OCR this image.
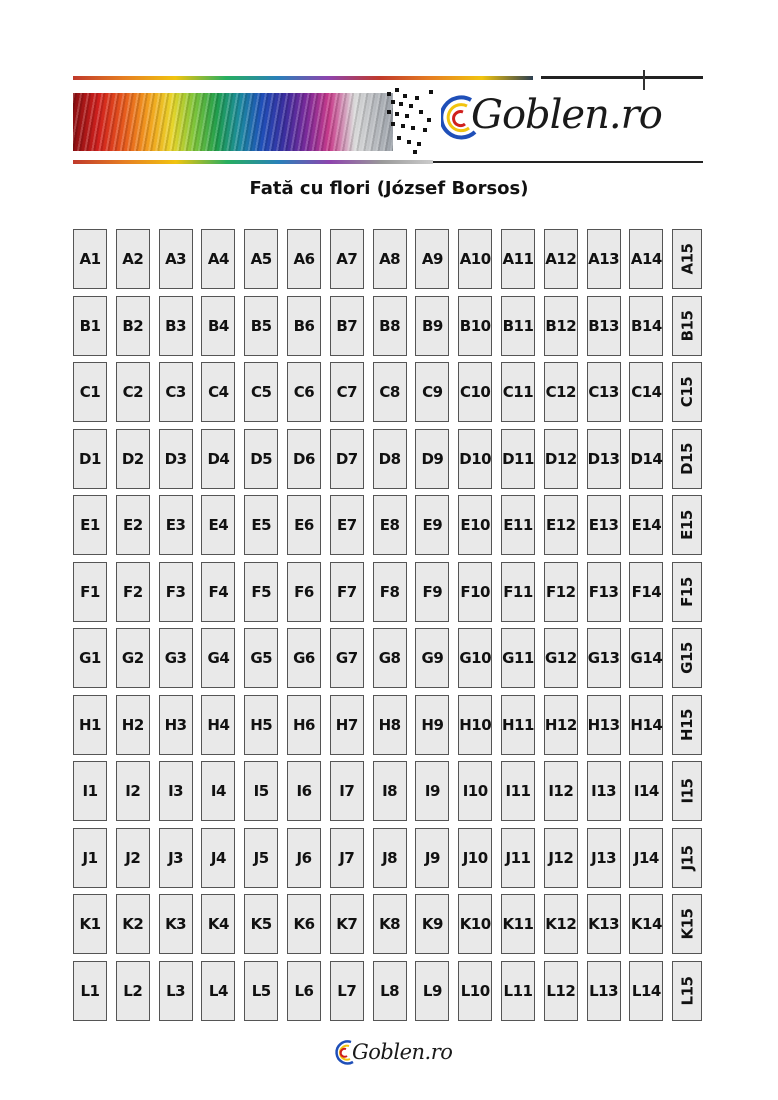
Goblen.ro
Fată cu flori (József Borsos)
A1 A2 A3 A4 A5 A6 A7 A8 A9 A10 A11 A12 A13 A14 A15
B1 B2 B3 B4 B5 B6 B7 B8 B9 B10 B11 B12 B13 B14 B15
C1 C2 C3 C4 C5 C6 C7 C8 C9 C10 C11 C12 C13 C14 C15
D1 D2 D3 D4 D5 D6 D7 D8 D9 D10 D11 D12 D13 D14 D15
E1 E2 E3 E4 E5 E6 E7 E8 E9 E10 E11 E12 E13 E14 E15
F1 F2 F3 F4 F5 F6 F7 F8 F9 F10 F11 F12 F13 F14 F15
G1 G2 G3 G4 G5 G6 G7 G8 G9 G10 G11 G12 G13 G14 G15
H1 H2 H3 H4 H5 H6 H7 H8 H9 H10 H11 H12 H13 H14 H15
I1 I2 I3 I4 I5 I6 I7 I8 I9 I10 I11 I12 I13 I14 I15
J1 J2 J3 J4 J5 J6 J7 J8 J9 J10 J11 J12 J13 J14 J15
K1 K2 K3 K4 K5 K6 K7 K8 K9 K10 K11 K12 K13 K14 K15
L1 L2 L3 L4 L5 L6 L7 L8 L9 L10 L11 L12 L13 L14 L15
Goblen.ro
